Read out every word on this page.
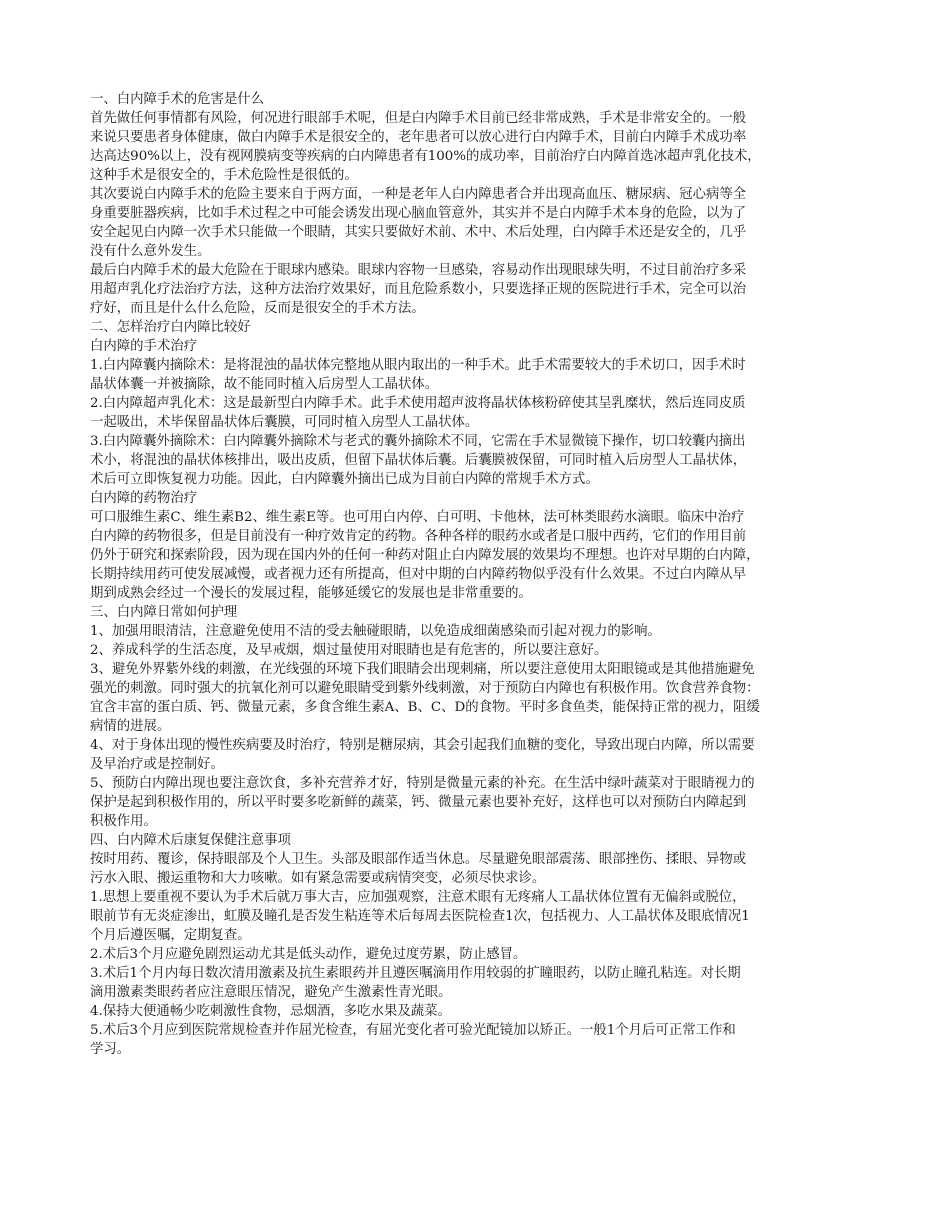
一、白内障手术的危害是什么
首先做任何事情都有风险，何况进行眼部手术呢，但是白内障手术目前已经非常成熟，手术是非常安全的。一般
来说只要患者身体健康，做白内障手术是很安全的，老年患者可以放心进行白内障手术，目前白内障手术成功率
达高达90%以上，没有视网膜病变等疾病的白内障患者有100%的成功率，目前治疗白内障首选冰超声乳化技术，
这种手术是很安全的，手术危险性是很低的。
其次要说白内障手术的危险主要来自于两方面，一种是老年人白内障患者合并出现高血压、糖尿病、冠心病等全
身重要脏器疾病，比如手术过程之中可能会诱发出现心脑血管意外，其实并不是白内障手术本身的危险，以为了
安全起见白内障一次手术只能做一个眼睛，其实只要做好术前、术中、术后处理，白内障手术还是安全的，几乎
没有什么意外发生。
最后白内障手术的最大危险在于眼球内感染。眼球内容物一旦感染，容易动作出现眼球失明，不过目前治疗多采
用超声乳化疗法治疗方法，这种方法治疗效果好，而且危险系数小，只要选择正规的医院进行手术，完全可以治
疗好，而且是什么什么危险，反而是很安全的手术方法。
二、怎样治疗白内障比较好
白内障的手术治疗
1.白内障囊内摘除术：是将混浊的晶状体完整地从眼内取出的一种手术。此手术需要较大的手术切口，因手术时
晶状体囊一并被摘除，故不能同时植入后房型人工晶状体。
2.白内障超声乳化术：这是最新型白内障手术。此手术使用超声波将晶状体核粉碎使其呈乳糜状，然后连同皮质
一起吸出，术毕保留晶状体后囊膜，可同时植入房型人工晶状体。
3.白内障囊外摘除术：白内障囊外摘除术与老式的囊外摘除术不同，它需在手术显微镜下操作，切口较囊内摘出
术小，将混浊的晶状体核排出，吸出皮质，但留下晶状体后囊。后囊膜被保留，可同时植入后房型人工晶状体，
术后可立即恢复视力功能。因此，白内障囊外摘出已成为目前白内障的常规手术方式。
白内障的药物治疗
可口服维生素C、维生素B2、维生素E等。也可用白内停、白可明、卡他林，法可林类眼药水滴眼。临床中治疗
白内障的药物很多，但是目前没有一种疗效肯定的药物。各种各样的眼药水或者是口服中西药，它们的作用目前
仍外于研究和探索阶段，因为现在国内外的任何一种药对阻止白内障发展的效果均不理想。也许对早期的白内障，
长期持续用药可使发展减慢，或者视力还有所提高，但对中期的白内障药物似乎没有什么效果。不过白内障从早
期到成熟会经过一个漫长的发展过程，能够延缓它的发展也是非常重要的。
三、白内障日常如何护理
1、加强用眼清洁，注意避免使用不洁的受去触碰眼睛，以免造成细菌感染而引起对视力的影响。
2、养成科学的生活态度，及早戒烟，烟过量使用对眼睛也是有危害的，所以要注意好。
3、避免外界紫外线的刺激，在光线强的环境下我们眼睛会出现刺痛，所以要注意使用太阳眼镜或是其他措施避免
强光的刺激。同时强大的抗氧化剂可以避免眼睛受到紫外线刺激，对于预防白内障也有积极作用。饮食营养食物：
宜含丰富的蛋白质、钙、微量元素，多食含维生素A、B、C、D的食物。平时多食鱼类，能保持正常的视力，阻缓
病情的进展。
4、对于身体出现的慢性疾病要及时治疗，特别是糖尿病，其会引起我们血糖的变化，导致出现白内障，所以需要
及早治疗或是控制好。
5、预防白内障出现也要注意饮食，多补充营养才好，特别是微量元素的补充。在生活中绿叶蔬菜对于眼睛视力的
保护是起到积极作用的，所以平时要多吃新鲜的蔬菜，钙、微量元素也要补充好，这样也可以对预防白内障起到
积极作用。
四、白内障术后康复保健注意事项
按时用药、覆诊，保持眼部及个人卫生。头部及眼部作适当休息。尽量避免眼部震荡、眼部挫伤、揉眼、异物或
污水入眼、搬运重物和大力咳嗽。如有紧急需要或病情突变，必须尽快求诊。
1.思想上要重视不要认为手术后就万事大吉，应加强观察，注意术眼有无疼痛人工晶状体位置有无偏斜或脱位，
眼前节有无炎症渗出，虹膜及瞳孔是否发生粘连等术后每周去医院检查1次，包括视力、人工晶状体及眼底情况1
个月后遵医嘱，定期复查。
2.术后3个月应避免剧烈运动尤其是低头动作，避免过度劳累，防止感冒。
3.术后1个月内每日数次清用激素及抗生素眼药并且遵医嘱滴用作用较弱的扩瞳眼药，以防止瞳孔粘连。对长期
滴用激素类眼药者应注意眼压情况，避免产生激素性青光眼。
4.保持大便通畅少吃刺激性食物，忌烟酒，多吃水果及蔬菜。
5.术后3个月应到医院常规检查并作屈光检查，有屈光变化者可验光配镜加以矫正。一般1个月后可正常工作和
学习。
